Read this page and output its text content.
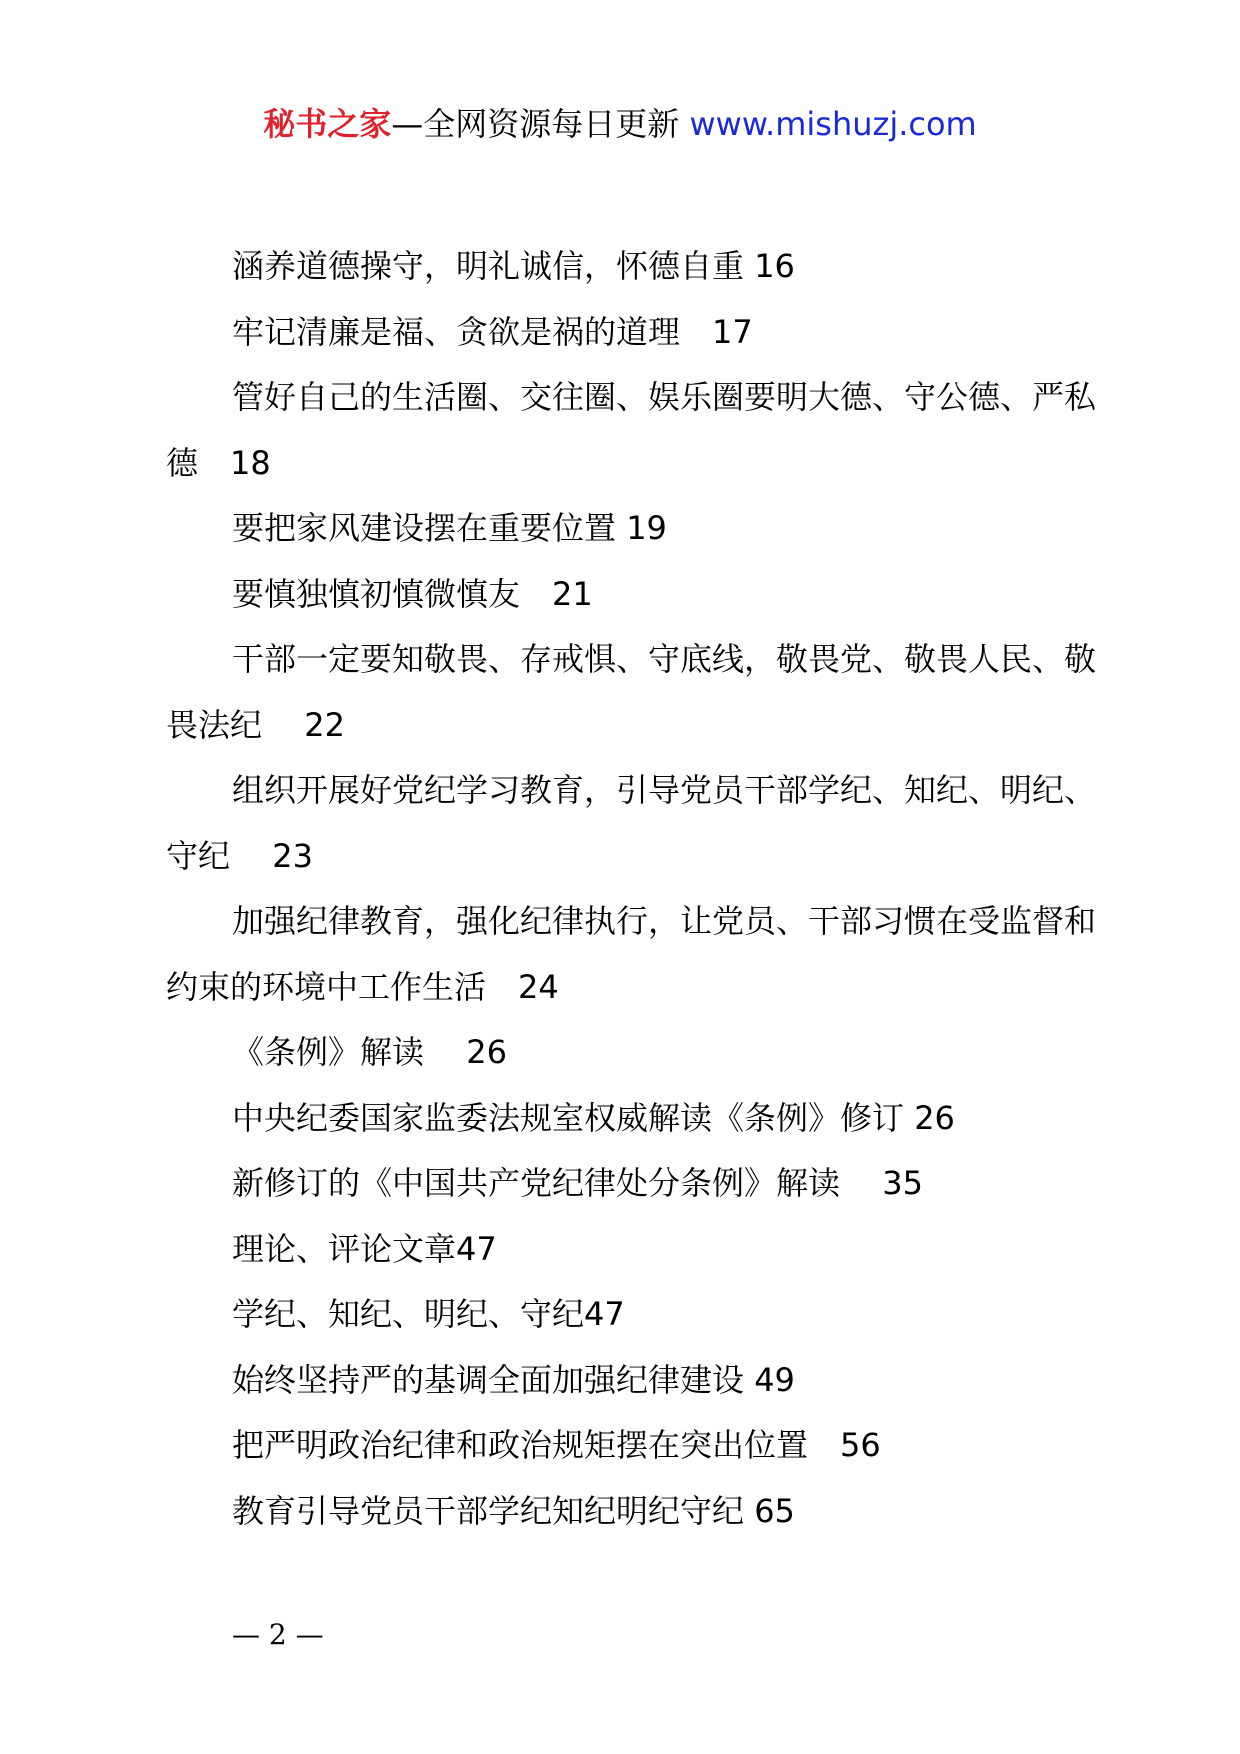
秘书之家—全网资源每日更新 www.mishuzj.com

涵养道德操守，明礼诚信，怀德自重 16

牢记清廉是福、贪欲是祸的道理　 17

管好自己的生活圈、交往圈、娱乐圈要明大德、守公德、严私德　 18

要把家风建设摆在重要位置 19

要慎独慎初慎微慎友　 21

干部一定要知敬畏、存戒惧、守底线，敬畏党、敬畏人民、敬畏法纪　 22

组织开展好党纪学习教育，引导党员干部学纪、知纪、明纪、守纪　 23

加强纪律教育，强化纪律执行，让党员、干部习惯在受监督和约束的环境中工作生活　 24

《条例》解读　 26

中央纪委国家监委法规室权威解读《条例》修订 26

新修订的《中国共产党纪律处分条例》解读　 35

理论、评论文章47

学纪、知纪、明纪、守纪47

始终坚持严的基调全面加强纪律建设 49

把严明政治纪律和政治规矩摆在突出位置　 56

教育引导党员干部学纪知纪明纪守纪 65

— 2 —
